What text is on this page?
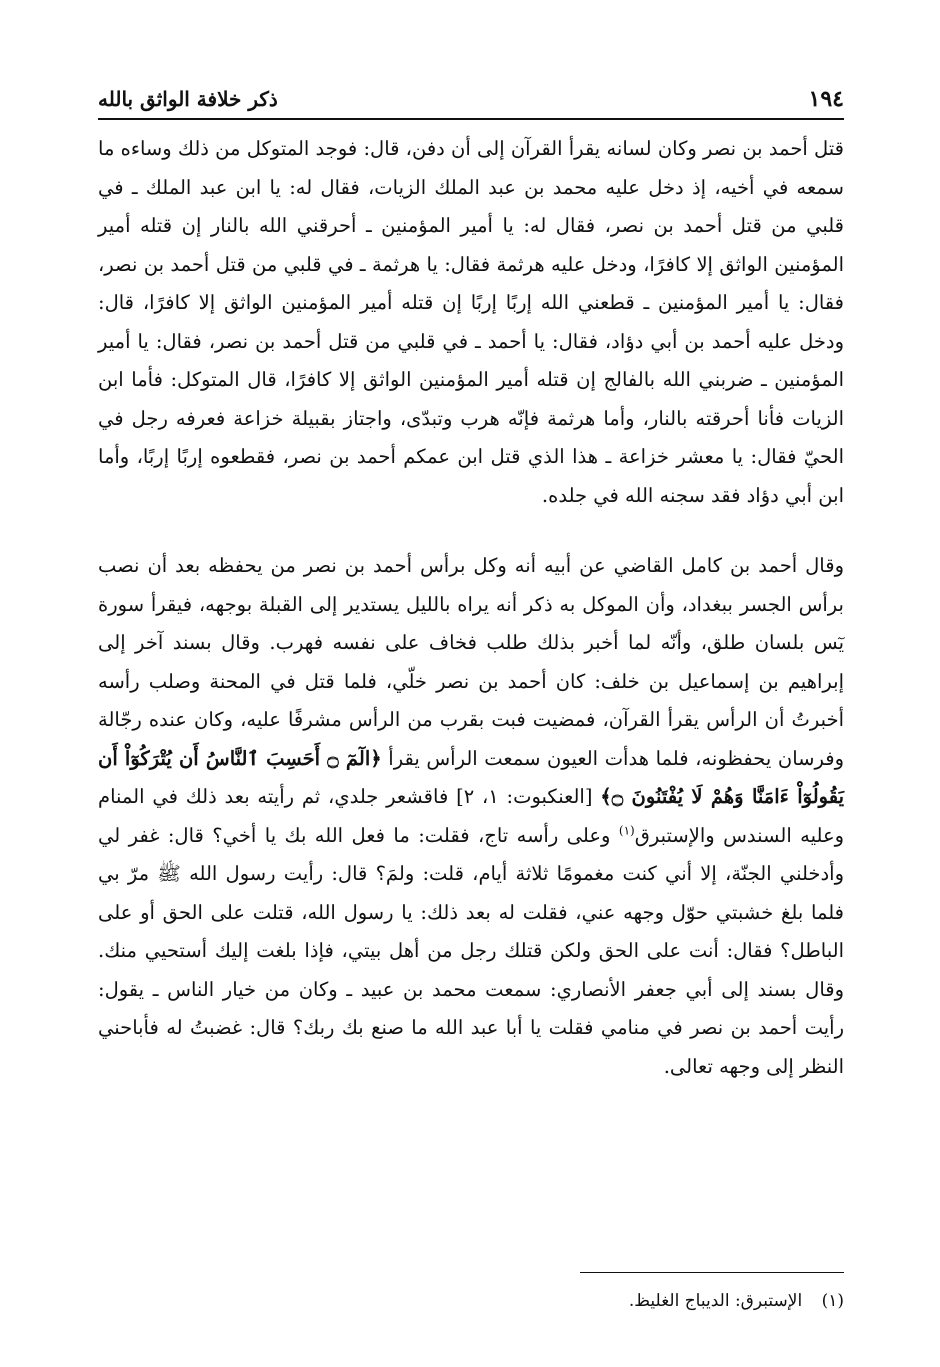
١٩٤
ذكر خلافة الواثق بالله

قتل أحمد بن نصر وكان لسانه يقرأ القرآن إلى أن دفن، قال: فوجد المتوكل من ذلك وساءه ما سمعه في أخيه، إذ دخل عليه محمد بن عبد الملك الزيات، فقال له: يا ابن عبد الملك ـ في قلبي من قتل أحمد بن نصر، فقال له: يا أمير المؤمنين ـ أحرقني الله بالنار إن قتله أمير المؤمنين الواثق إلا كافرًا، ودخل عليه هرثمة فقال: يا هرثمة ـ في قلبي من قتل أحمد بن نصر، فقال: يا أمير المؤمنين ـ قطعني الله إربًا إربًا إن قتله أمير المؤمنين الواثق إلا كافرًا، قال: ودخل عليه أحمد بن أبي دؤاد، فقال: يا أحمد ـ في قلبي من قتل أحمد بن نصر، فقال: يا أمير المؤمنين ـ ضربني الله بالفالج إن قتله أمير المؤمنين الواثق إلا كافرًا، قال المتوكل: فأما ابن الزيات فأنا أحرقته بالنار، وأما هرثمة فإنّه هرب وتبدّى، واجتاز بقبيلة خزاعة فعرفه رجل في الحيّ فقال: يا معشر خزاعة ـ هذا الذي قتل ابن عمكم أحمد بن نصر، فقطعوه إربًا إربًا، وأما ابن أبي دؤاد فقد سجنه الله في جلده.

وقال أحمد بن كامل القاضي عن أبيه أنه وكل برأس أحمد بن نصر من يحفظه بعد أن نصب برأس الجسر ببغداد، وأن الموكل به ذكر أنه يراه بالليل يستدير إلى القبلة بوجهه، فيقرأ سورة يٓس بلسان طلق، وأنّه لما أخبر بذلك طلب فخاف على نفسه فهرب. وقال بسند آخر إلى إبراهيم بن إسماعيل بن خلف: كان أحمد بن نصر خلّي، فلما قتل في المحنة وصلب رأسه أخبرتُ أن الرأس يقرأ القرآن، فمضيت فبت بقرب من الرأس مشرفًا عليه، وكان عنده رجّالة وفرسان يحفظونه، فلما هدأت العيون سمعت الرأس يقرأ ﴿الٓمٓ ۝ أَحَسِبَ ٱلنَّاسُ أَن يُتْرَكُوٓاْ أَن يَقُولُوٓاْ ءَامَنَّا وَهُمْ لَا يُفْتَنُونَ ۝﴾ [العنكبوت: ١، ٢] فاقشعر جلدي، ثم رأيته بعد ذلك في المنام وعليه السندس والإستبرق$^{(١)}$ وعلى رأسه تاج، فقلت: ما فعل الله بك يا أخي؟ قال: غفر لي وأدخلني الجنّة، إلا أني كنت مغمومًا ثلاثة أيام، قلت: ولمَ؟ قال: رأيت رسول الله ﷺ مرّ بي فلما بلغ خشبتي حوّل وجهه عني، فقلت له بعد ذلك: يا رسول الله، قتلت على الحق أو على الباطل؟ فقال: أنت على الحق ولكن قتلك رجل من أهل بيتي، فإذا بلغت إليك أستحيي منك. وقال بسند إلى أبي جعفر الأنصاري: سمعت محمد بن عبيد ـ وكان من خيار الناس ـ يقول: رأيت أحمد بن نصر في منامي فقلت يا أبا عبد الله ما صنع بك ربك؟ قال: غضبتُ له فأباحني النظر إلى وجهه تعالى.

(١) الإستبرق: الديباج الغليظ.
